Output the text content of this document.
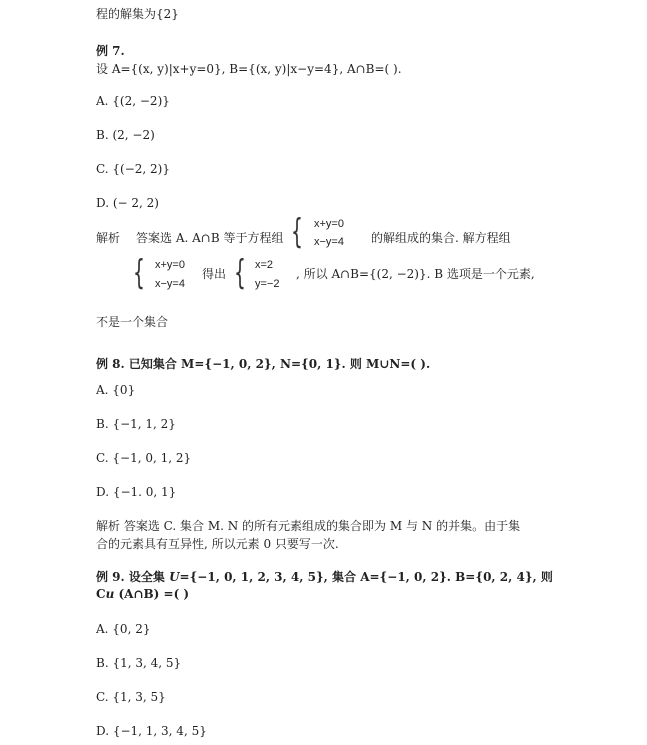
程的解集为{2}
例 7.
设 A={(x, y)|x+y=0}, B={(x, y)|x−y=4}, A∩B=( ).
A. {(2, −2)}
B. (2, −2)
C. {(−2, 2)}
D. (− 2, 2)
解析 答案选 A. A∩B 等于方程组 { x+y=0
x−y=4 的解组成的集合. 解方程组
{ x+y=0
x−y=4
得出 { x=2
y=−2
, 所以 A∩B={(2, −2)}. B 选项是一个元素,
不是一个集合
例 8. 已知集合 M={−1, 0, 2}, N={0, 1}. 则 M∪N=( ).
A. {0}
B. {−1, 1, 2}
C. {−1, 0, 1, 2}
D. {−1. 0, 1}
解析 答案选 C. 集合 M. N 的所有元素组成的集合即为 M 与 N 的并集。由于集
合的元素具有互异性, 所以元素 0 只要写一次.
例 9. 设全集 U={−1, 0, 1, 2, 3, 4, 5}, 集合 A={−1, 0, 2}. B={0, 2, 4}, 则
Cu (A∩B) =( )
A. {0, 2}
B. {1, 3, 4, 5}
C. {1, 3, 5}
D. {−1, 1, 3, 4, 5}
